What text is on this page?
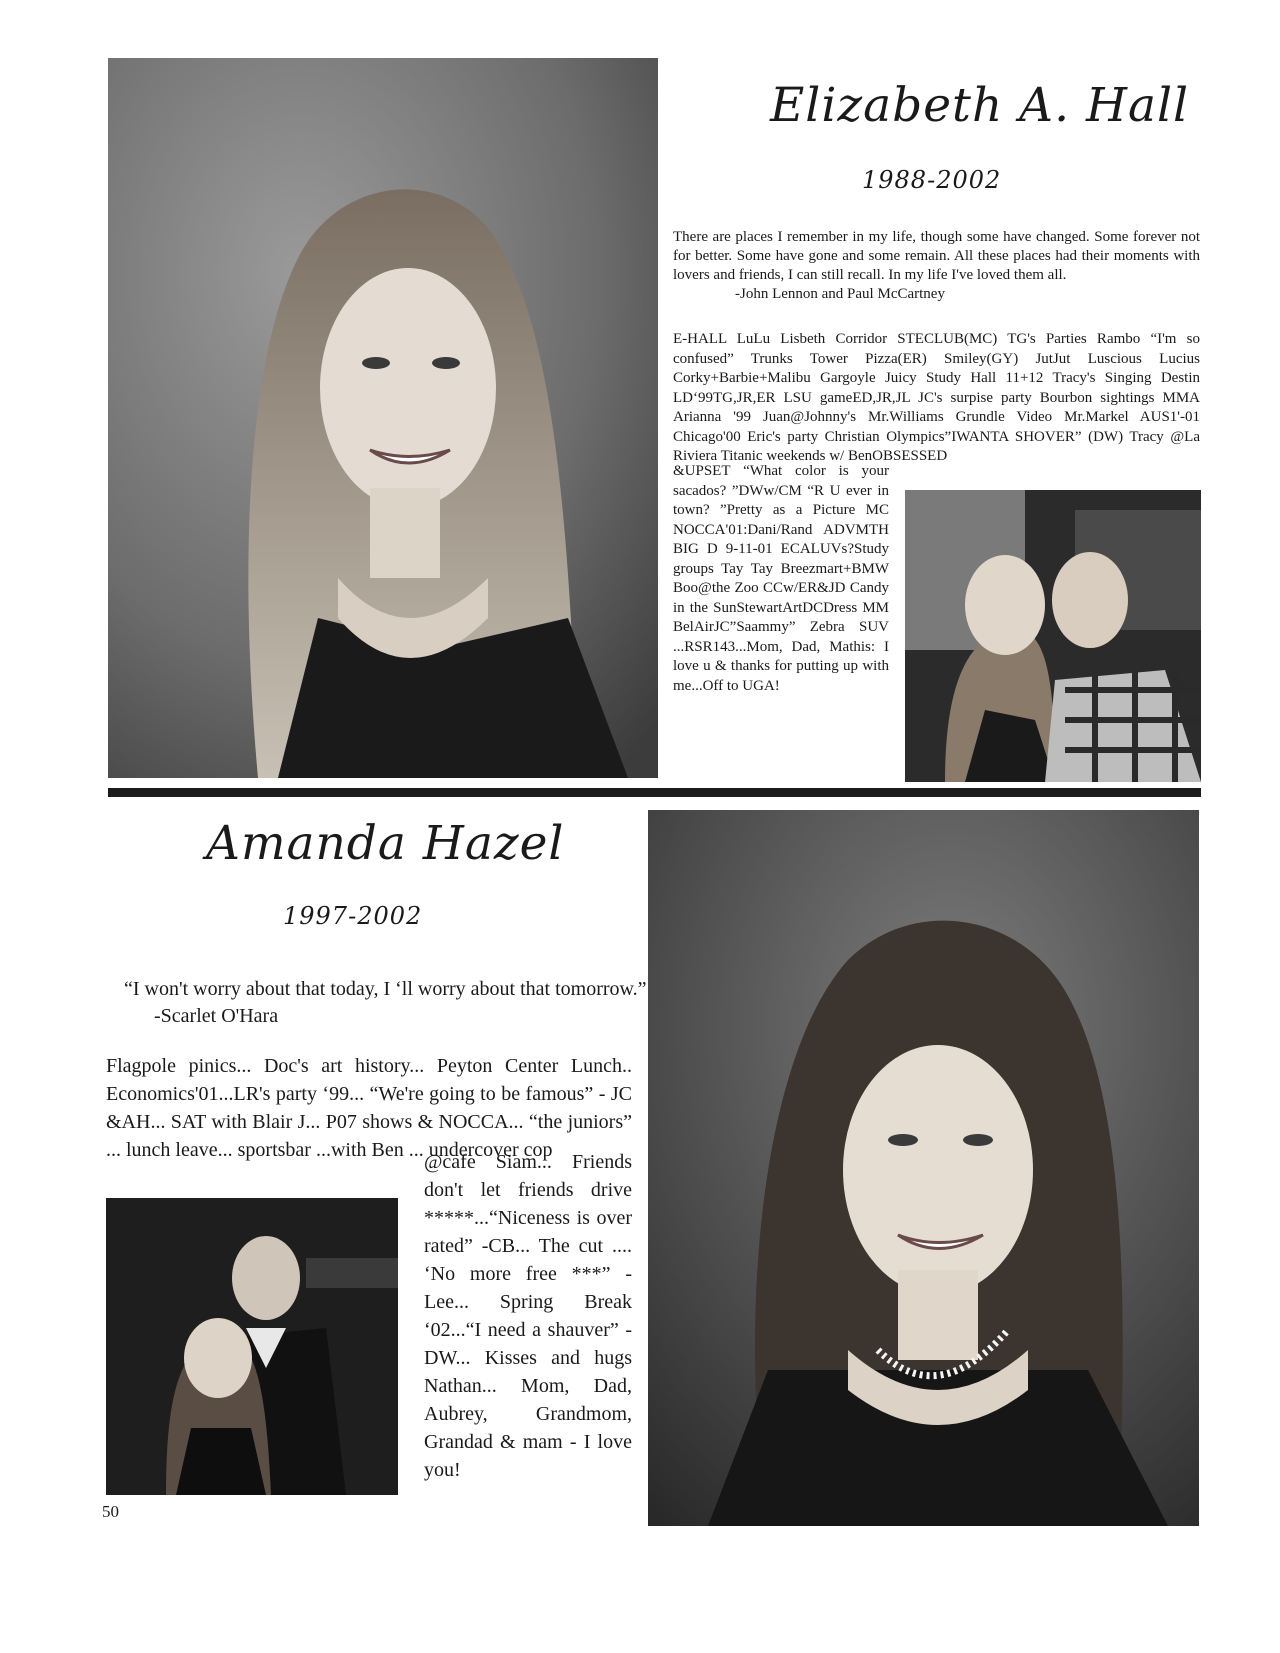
Elizabeth A. Hall
1988-2002
There are places I remember in my life, though some have changed. Some forever not for better. Some have gone and some remain. All these places had their moments with lovers and friends, I can still recall. In my life I've loved them all.
-John Lennon and Paul McCartney
E-HALL LuLu Lisbeth Corridor STECLUB(MC) TG's Parties Rambo “I'm so confused” Trunks Tower Pizza(ER) Smiley(GY) JutJut Luscious Lucius Corky+Barbie+Malibu Gargoyle Juicy Study Hall 11+12 Tracy's Singing Destin LD‘99TG,JR,ER LSU gameED,JR,JL JC's surpise party Bourbon sightings MMA Arianna '99 Juan@Johnny's Mr.Williams Grundle Video Mr.Markel AUS1'-01 Chicago'00 Eric's party Christian Olympics”IWANTA SHOVER” (DW) Tracy @La Riviera Titanic weekends w/ BenOBSESSED
&UPSET “What color is your sacados? ”DWw/CM “R U ever in town? ”Pretty as a Picture MC NOCCA'01:Dani/Rand ADVMTH BIG D 9-11-01 ECALUVs?Study groups Tay Tay Breezmart+BMW Boo@the Zoo CCw/ER&JD Candy in the SunStewartArtDCDress MM BelAirJC”Saammy” Zebra SUV ...RSR143...Mom, Dad, Mathis: I love u & thanks for putting up with me...Off to UGA!
Amanda Hazel
1997-2002
“I won't worry about that today, I ‘ll worry about that tomorrow.”
-Scarlet O'Hara
Flagpole pinics... Doc's art history... Peyton Center Lunch.. Economics'01...LR's party ‘99... “We're going to be famous” - JC &AH... SAT with Blair J... P07 shows & NOCCA... “the juniors” ... lunch leave... sportsbar ...with Ben ... undercover cop
@cafe Siam... Friends don't let friends drive *****...“Niceness is over rated” -CB... The cut .... ‘No more free ***” -Lee... Spring Break ‘02...“I need a shauver” -DW... Kisses and hugs Nathan... Mom, Dad, Aubrey, Grandmom, Grandad & mam - I love you!
50
